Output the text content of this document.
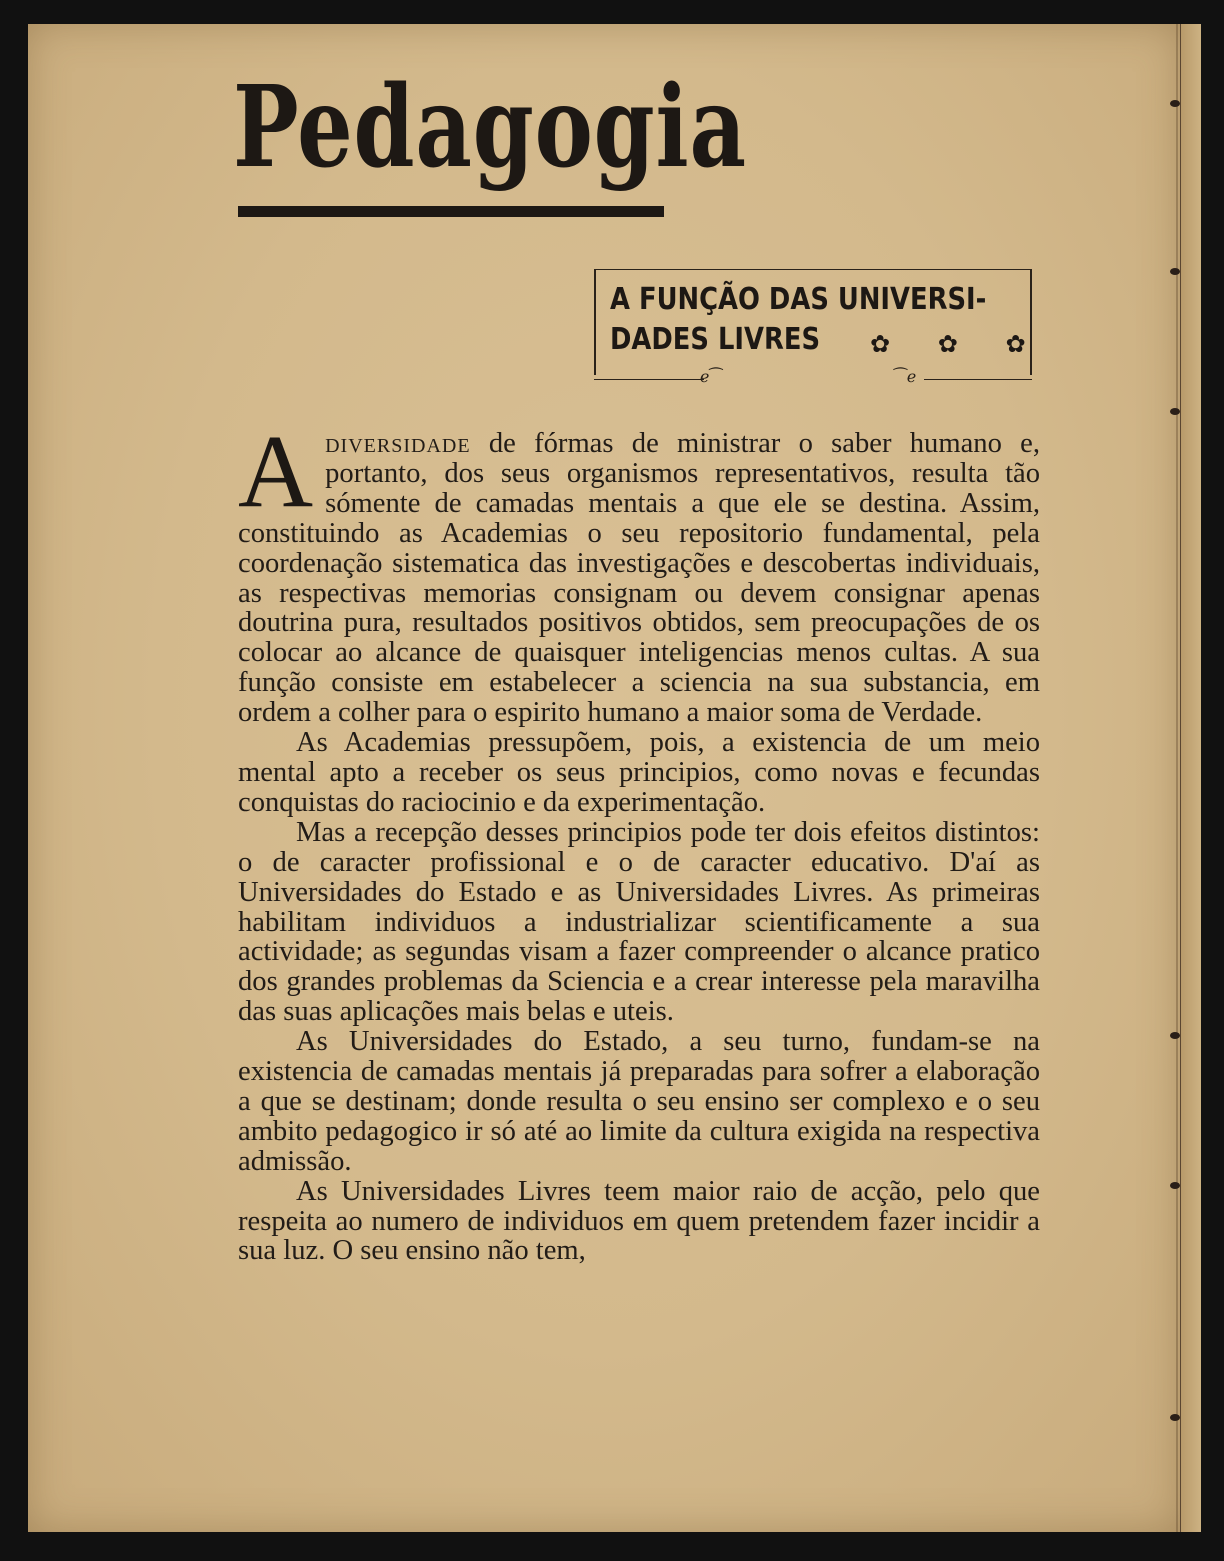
Pedagogia
A FUNÇÃO DAS UNIVERSI-
DADES LIVRES	✿ ✿ ✿
ℯ⁀	⁀ℯ

Adiversidade de fórmas de ministrar o saber humano e, portanto, dos seus organismos representativos, resulta tão sómente de camadas mentais a que ele se destina. Assim, constituindo as Academias o seu repositorio fundamental, pela coordenação sistematica das investigações e descobertas individuais, as respectivas memorias consignam ou devem consignar apenas doutrina pura, resultados positivos obtidos, sem preocupações de os colocar ao alcance de quaisquer inteligencias menos cultas. A sua função consiste em estabelecer a sciencia na sua substancia, em ordem a colher para o espirito humano a maior soma de Verdade.

As Academias pressupõem, pois, a existencia de um meio mental apto a receber os seus principios, como novas e fecundas conquistas do raciocinio e da experimentação.

Mas a recepção desses principios pode ter dois efeitos distintos: o de caracter profissional e o de caracter educativo. D'aí as Universidades do Estado e as Universidades Livres. As primeiras habilitam individuos a industrializar scientificamente a sua actividade; as segundas visam a fazer compreender o alcance pratico dos grandes problemas da Sciencia e a crear interesse pela maravilha das suas aplicações mais belas e uteis.

As Universidades do Estado, a seu turno, fundam-se na existencia de camadas mentais já preparadas para sofrer a elaboração a que se destinam; donde resulta o seu ensino ser complexo e o seu ambito pedagogico ir só até ao limite da cultura exigida na respectiva admissão.

As Universidades Livres teem maior raio de acção, pelo que respeita ao numero de individuos em quem pretendem fazer incidir a sua luz. O seu ensino não tem,
